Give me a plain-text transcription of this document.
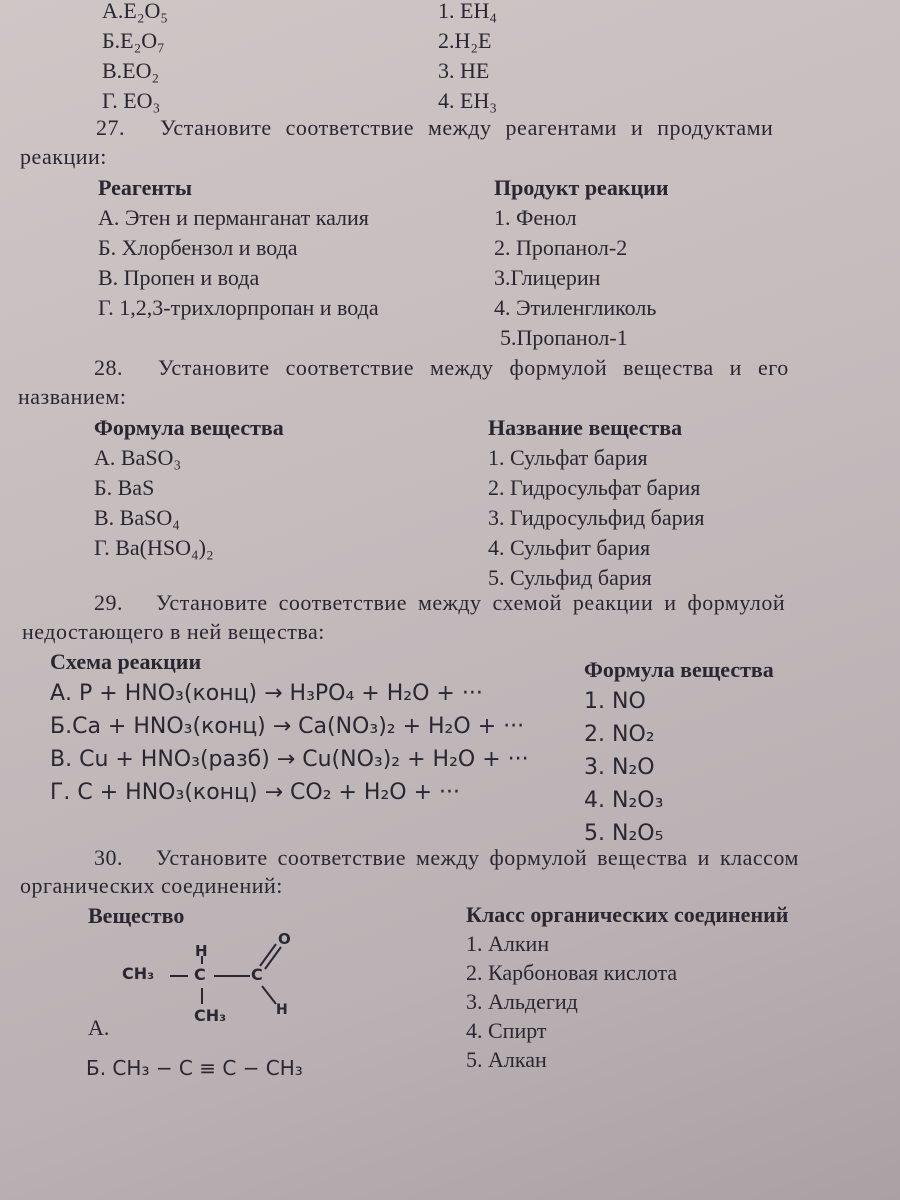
A.E₂O₅
Б.E₂O₇
В.EO₂
Г. EO₃
1. EH₄
2.H₂E
3. HE
4. EH₃
27. Установите соответствие между реагентами и продуктами
реакции:
Реагенты
А. Этен и перманганат калия
Б. Хлорбензол и вода
В. Пропен и вода
Г. 1,2,3-трихлорпропан и вода
Продукт реакции
1. Фенол
2. Пропанол-2
3.Глицерин
4. Этиленгликоль
5.Пропанол-1
28. Установите соответствие между формулой вещества и его
названием:
Формула вещества
А. BaSO₃
Б. BaS
В. BaSO₄
Г. Ba(HSO₄)₂
Название вещества
1. Сульфат бария
2. Гидросульфат бария
3. Гидросульфид бария
4. Сульфит бария
5. Сульфид бария
29. Установите соответствие между схемой реакции и формулой
недостающего в ней вещества:
Схема реакции
А. P + HNO₃(конц) → H₃PO₄ + H₂O + ···
Б.Ca + HNO₃(конц) → Ca(NO₃)₂ + H₂O + ···
В. Cu + HNO₃(разб) → Cu(NO₃)₂ + H₂O + ···
Г. C + HNO₃(конц) → CO₂ + H₂O + ···
Формула вещества
1. NO
2. NO₂
3. N₂O
4. N₂O₃
5. N₂O₅
30. Установите соответствие между формулой вещества и классом
органических соединений:
Вещество
CH₃
H
C	C
O
H
CH₃
А.
Б. CH₃ − C ≡ C − CH₃
Класс органических соединений
1. Алкин
2. Карбоновая кислота
3. Альдегид
4. Спирт
5. Алкан
